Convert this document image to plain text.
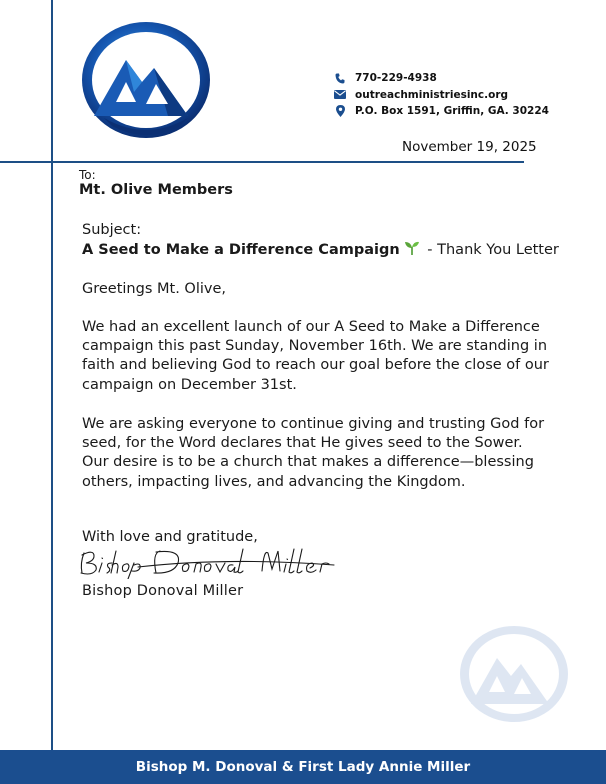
770-229-4938
outreachministriesinc.org
P.O. Box 1591, Griffin, GA. 30224
November 19, 2025
To:
Mt. Olive Members
Subject:
A Seed to Make a Difference Campaign - Thank You Letter
Greetings Mt. Olive,
We had an excellent launch of our A Seed to Make a Difference campaign this past Sunday, November 16th. We are standing in faith and believing God to reach our goal before the close of our campaign on December 31st.
We are asking everyone to continue giving and trusting God for seed, for the Word declares that He gives seed to the Sower. Our desire is to be a church that makes a difference—blessing others, impacting lives, and advancing the Kingdom.
With love and gratitude,
Bishop Donoval Miller
Bishop M. Donoval & First Lady Annie Miller
